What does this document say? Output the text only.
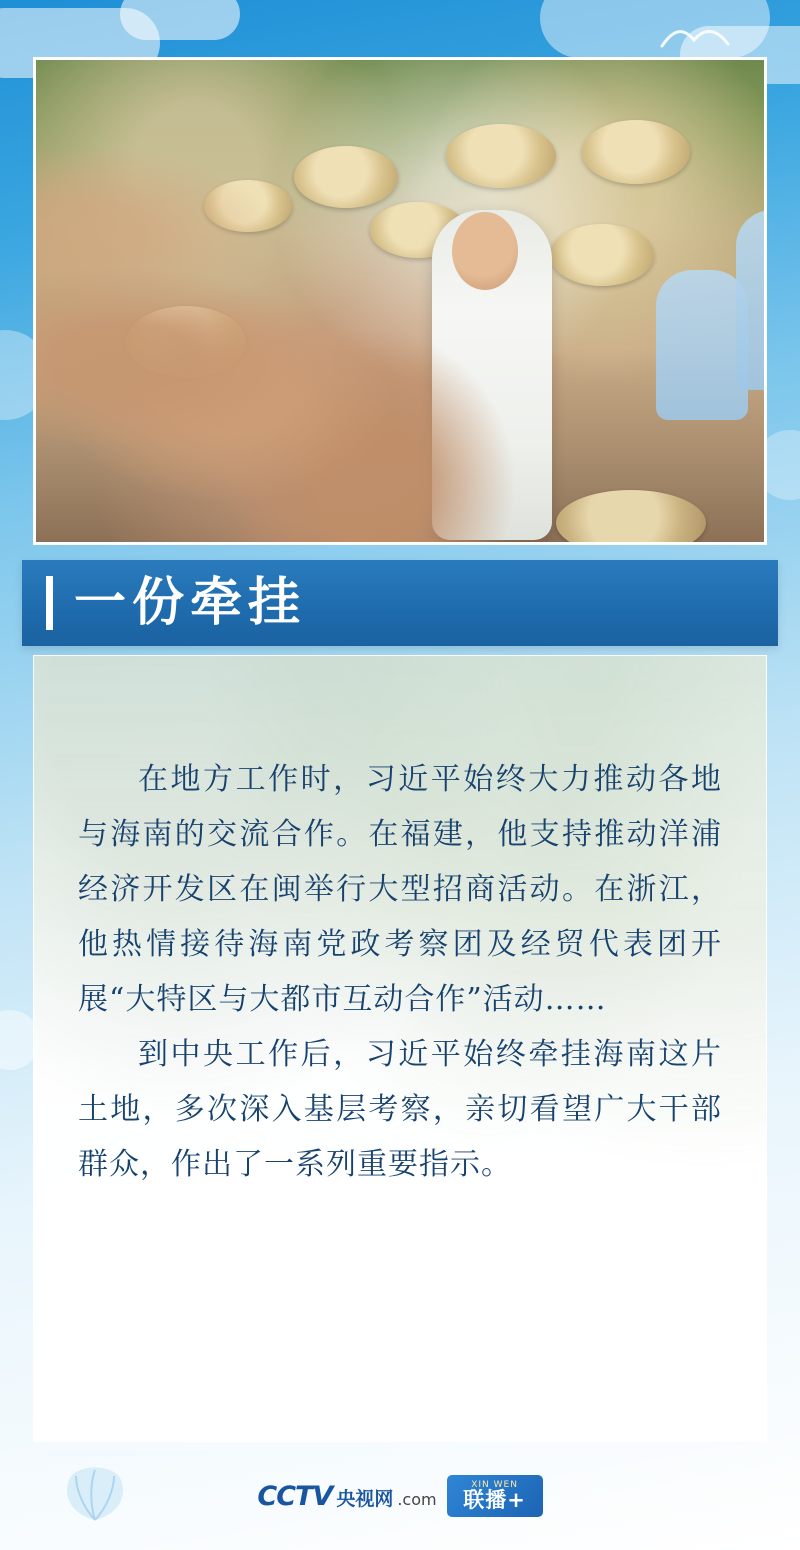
一份牵挂

在地方工作时，习近平始终大力推动各地与海南的交流合作。在福建，他支持推动洋浦经济开发区在闽举行大型招商活动。在浙江，他热情接待海南党政考察团及经贸代表团开展“大特区与大都市互动合作”活动……

到中央工作后，习近平始终牵挂海南这片土地，多次深入基层考察，亲切看望广大干部群众，作出了一系列重要指示。

CCTV 央视网 .com
XIN WEN
联播+
